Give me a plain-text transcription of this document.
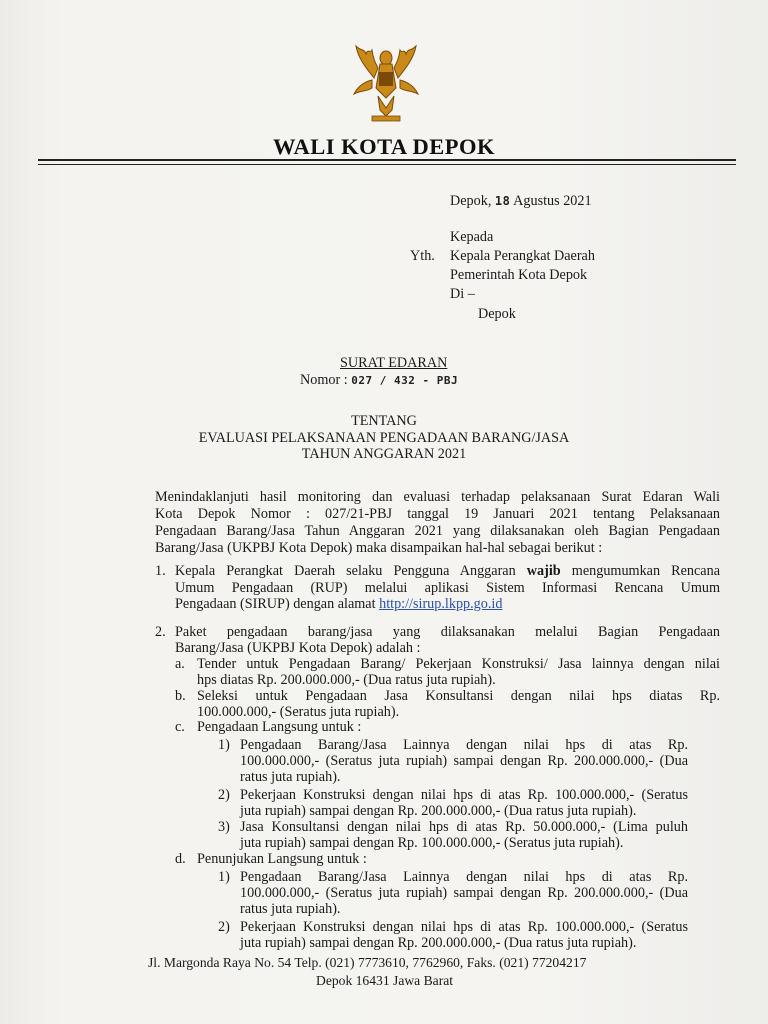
WALI KOTA DEPOK
Depok, 18 Agustus 2021
Kepada
Yth. Kepala Perangkat Daerah
Pemerintah Kota Depok
Di –
Depok
SURAT EDARAN
Nomor : 027 / 432 - PBJ
TENTANG
EVALUASI PELAKSANAAN PENGADAAN BARANG/JASA
TAHUN ANGGARAN 2021
Menindaklanjuti hasil monitoring dan evaluasi terhadap pelaksanaan Surat Edaran Wali
Kota Depok Nomor : 027/21-PBJ tanggal 19 Januari 2021 tentang Pelaksanaan
Pengadaan Barang/Jasa Tahun Anggaran 2021 yang dilaksanakan oleh Bagian Pengadaan
Barang/Jasa (UKPBJ Kota Depok) maka disampaikan hal-hal sebagai berikut :
1. Kepala Perangkat Daerah selaku Pengguna Anggaran wajib mengumumkan Rencana
Umum Pengadaan (RUP) melalui aplikasi Sistem Informasi Rencana Umum
Pengadaan (SIRUP) dengan alamat http://sirup.lkpp.go.id
2. Paket pengadaan barang/jasa yang dilaksanakan melalui Bagian Pengadaan
Barang/Jasa (UKPBJ Kota Depok) adalah :
a. Tender untuk Pengadaan Barang/ Pekerjaan Konstruksi/ Jasa lainnya dengan nilai
hps diatas Rp. 200.000.000,- (Dua ratus juta rupiah).
b. Seleksi untuk Pengadaan Jasa Konsultansi dengan nilai hps diatas Rp.
100.000.000,- (Seratus juta rupiah).
c. Pengadaan Langsung untuk :
1) Pengadaan Barang/Jasa Lainnya dengan nilai hps di atas Rp.
100.000.000,- (Seratus juta rupiah) sampai dengan Rp. 200.000.000,- (Dua
ratus juta rupiah).
2) Pekerjaan Konstruksi dengan nilai hps di atas Rp. 100.000.000,- (Seratus
juta rupiah) sampai dengan Rp. 200.000.000,- (Dua ratus juta rupiah).
3) Jasa Konsultansi dengan nilai hps di atas Rp. 50.000.000,- (Lima puluh
juta rupiah) sampai dengan Rp. 100.000.000,- (Seratus juta rupiah).
d. Penunjukan Langsung untuk :
1) Pengadaan Barang/Jasa Lainnya dengan nilai hps di atas Rp.
100.000.000,- (Seratus juta rupiah) sampai dengan Rp. 200.000.000,- (Dua
ratus juta rupiah).
2) Pekerjaan Konstruksi dengan nilai hps di atas Rp. 100.000.000,- (Seratus
juta rupiah) sampai dengan Rp. 200.000.000,- (Dua ratus juta rupiah).
Jl. Margonda Raya No. 54 Telp. (021) 7773610, 7762960, Faks. (021) 77204217
Depok 16431 Jawa Barat
